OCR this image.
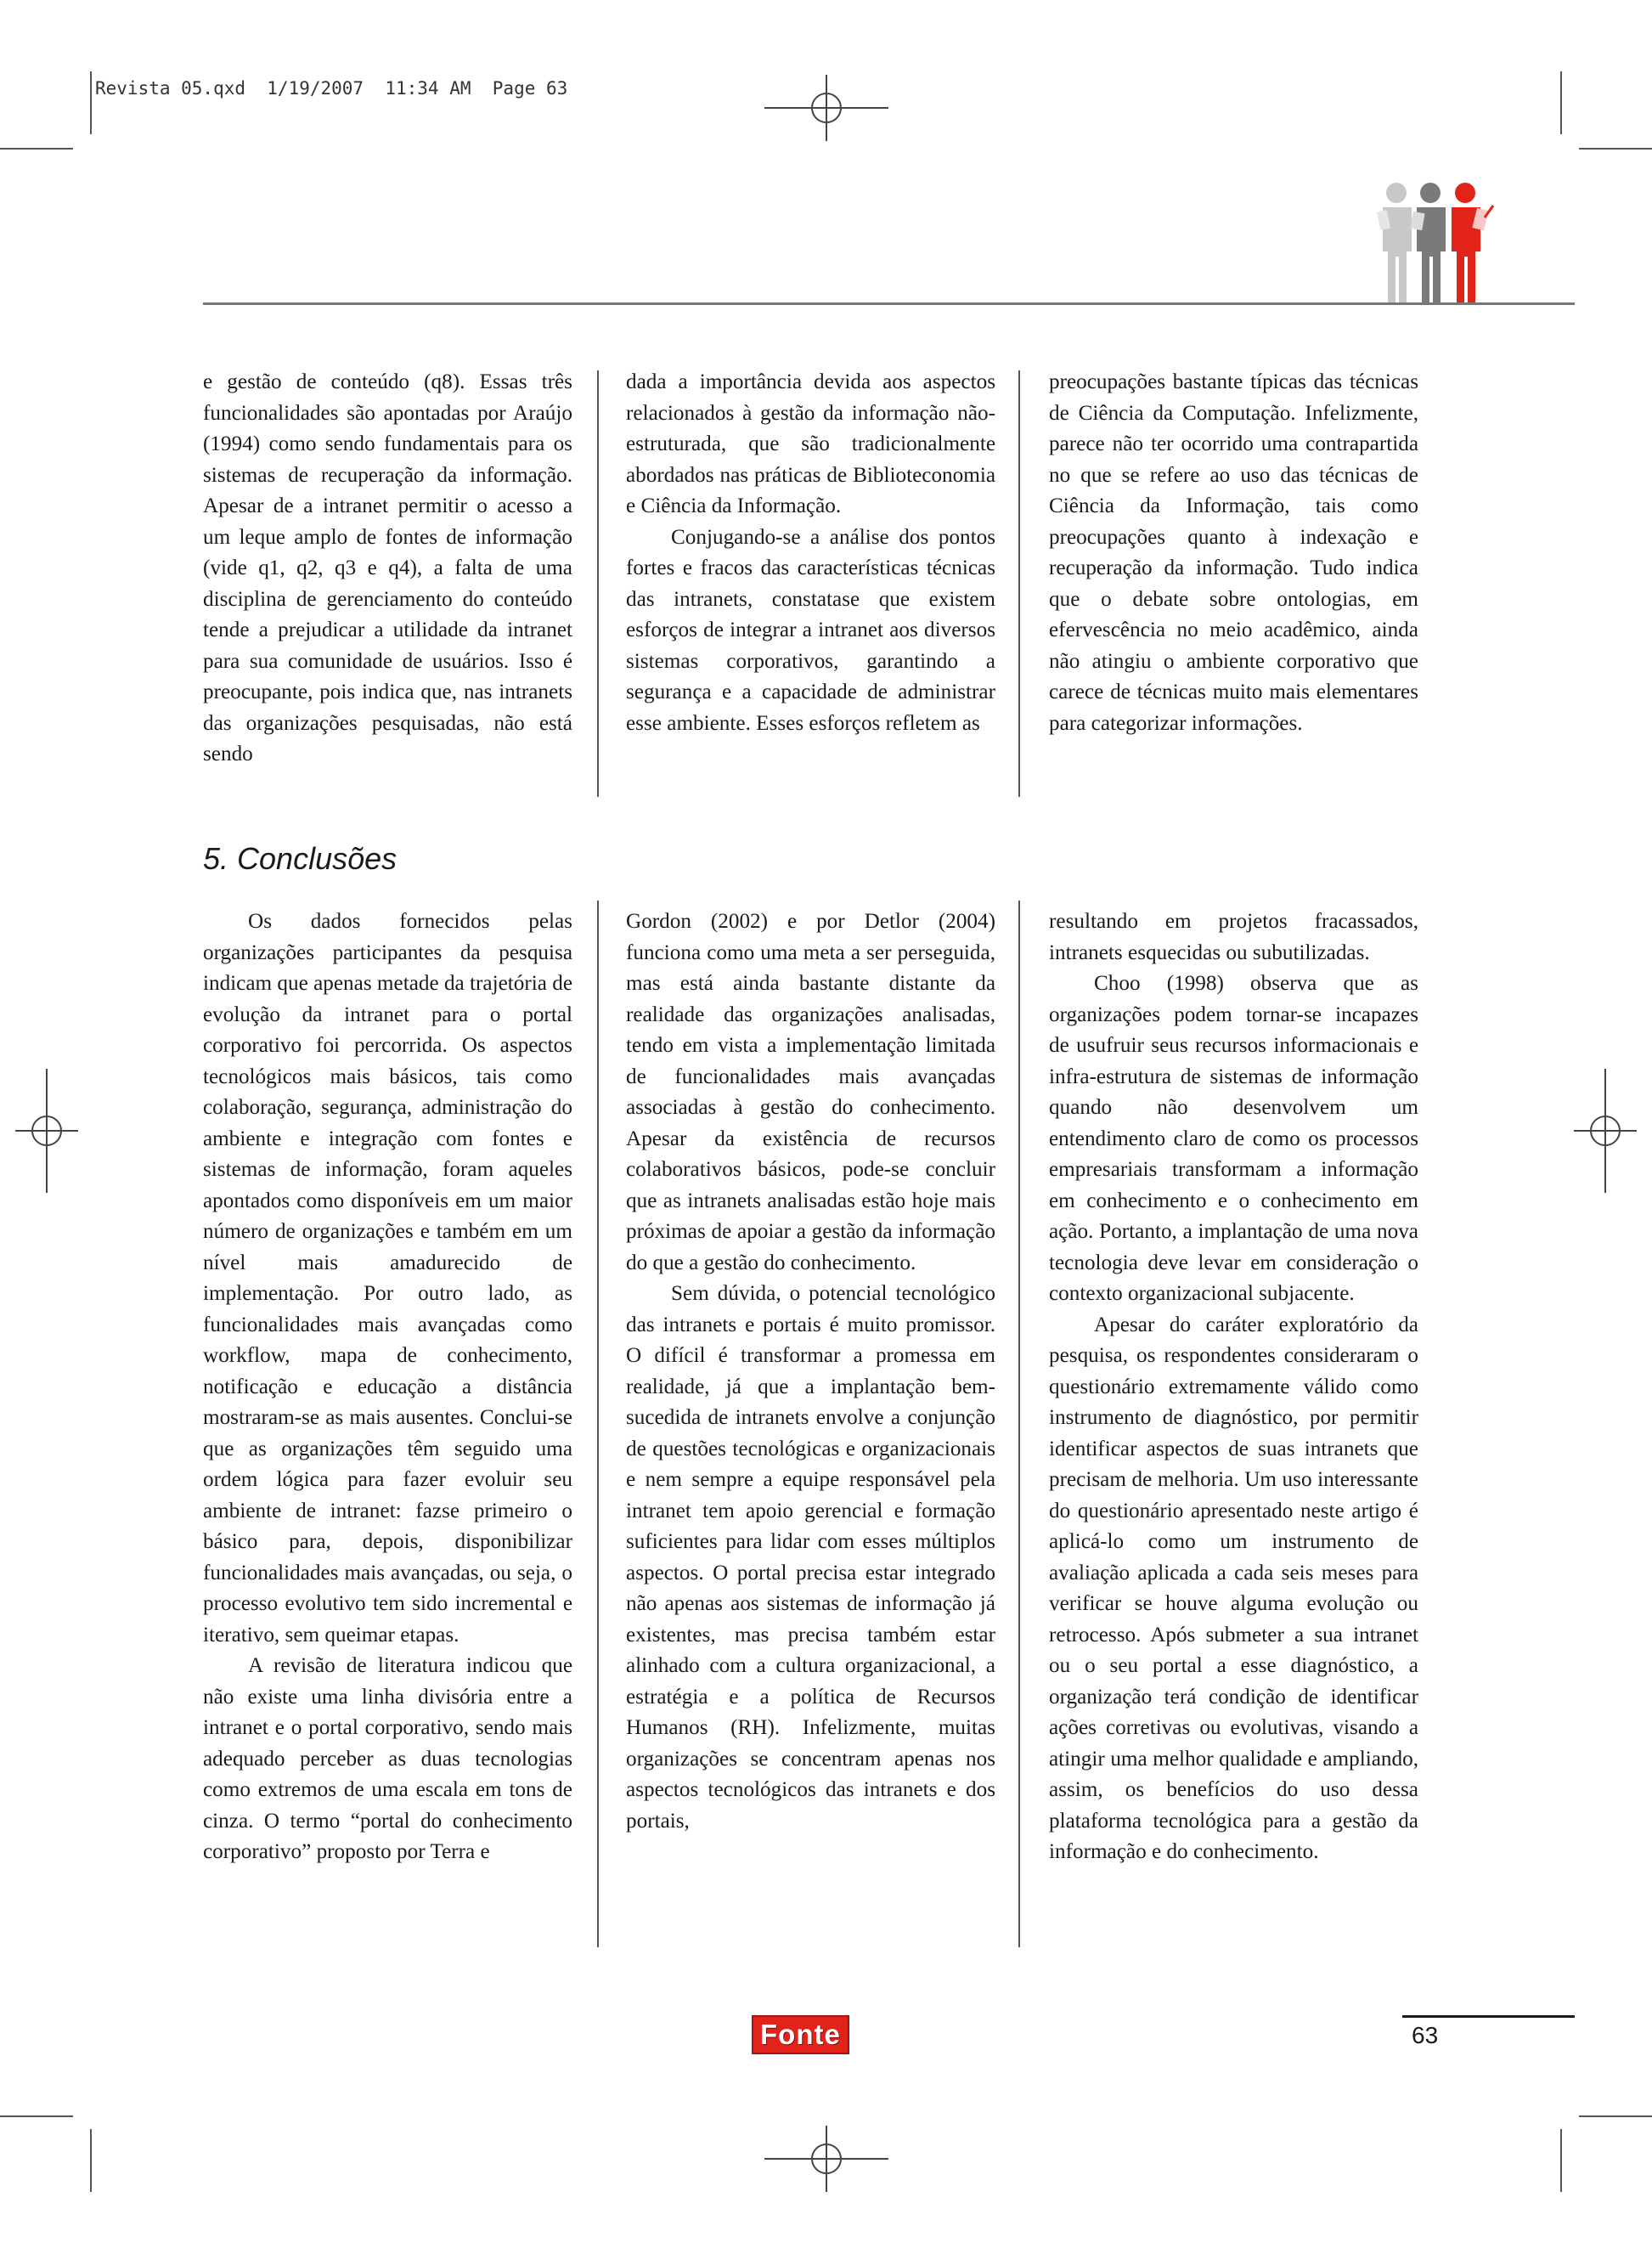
Revista 05.qxd  1/19/2007  11:34 AM  Page 63

e gestão de conteúdo (q8). Essas três funcionalidades são apontadas por Araújo (1994) como sendo fundamentais para os sistemas de recuperação da informação. Apesar de a intranet permitir o acesso a um leque amplo de fontes de informação (vide q1, q2, q3 e q4), a falta de uma disciplina de gerenciamento do conteúdo tende a prejudicar a utilidade da intranet para sua comunidade de usuários. Isso é preocupante, pois indica que, nas intranets das organizações pesquisadas, não está sendo

dada a importância devida aos aspectos relacionados à gestão da informação não-estruturada, que são tradicionalmente abordados nas práticas de Biblioteconomia e Ciência da Informação.

Conjugando-se a análise dos pontos fortes e fracos das características técnicas das intranets, constatase que existem esforços de integrar a intranet aos diversos sistemas corporativos, garantindo a segurança e a capacidade de administrar esse ambiente. Esses esforços refletem as

preocupações bastante típicas das técnicas de Ciência da Computação. Infelizmente, parece não ter ocorrido uma contrapartida no que se refere ao uso das técnicas de Ciência da Informação, tais como preocupações quanto à indexação e recuperação da informação. Tudo indica que o debate sobre ontologias, em efervescência no meio acadêmico, ainda não atingiu o ambiente corporativo que carece de técnicas muito mais elementares para categorizar informações.

5. Conclusões

Os dados fornecidos pelas organizações participantes da pesquisa indicam que apenas metade da trajetória de evolução da intranet para o portal corporativo foi percorrida. Os aspectos tecnológicos mais básicos, tais como colaboração, segurança, administração do ambiente e integração com fontes e sistemas de informação, foram aqueles apontados como disponíveis em um maior número de organizações e também em um nível mais amadurecido de implementação. Por outro lado, as funcionalidades mais avançadas como workflow, mapa de conhecimento, notificação e educação a distância mostraram-se as mais ausentes. Conclui-se que as organizações têm seguido uma ordem lógica para fazer evoluir seu ambiente de intranet: fazse primeiro o básico para, depois, disponibilizar funcionalidades mais avançadas, ou seja, o processo evolutivo tem sido incremental e iterativo, sem queimar etapas.

A revisão de literatura indicou que não existe uma linha divisória entre a intranet e o portal corporativo, sendo mais adequado perceber as duas tecnologias como extremos de uma escala em tons de cinza. O termo “portal do conhecimento corporativo” proposto por Terra e

Gordon (2002) e por Detlor (2004) funciona como uma meta a ser perseguida, mas está ainda bastante distante da realidade das organizações analisadas, tendo em vista a implementação limitada de funcionalidades mais avançadas associadas à gestão do conhecimento. Apesar da existência de recursos colaborativos básicos, pode-se concluir que as intranets analisadas estão hoje mais próximas de apoiar a gestão da informação do que a gestão do conhecimento.

Sem dúvida, o potencial tecnológico das intranets e portais é muito promissor. O difícil é transformar a promessa em realidade, já que a implantação bem-sucedida de intranets envolve a conjunção de questões tecnológicas e organizacionais e nem sempre a equipe responsável pela intranet tem apoio gerencial e formação suficientes para lidar com esses múltiplos aspectos. O portal precisa estar integrado não apenas aos sistemas de informação já existentes, mas precisa também estar alinhado com a cultura organizacional, a estratégia e a política de Recursos Humanos (RH). Infelizmente, muitas organizações se concentram apenas nos aspectos tecnológicos das intranets e dos portais,

resultando em projetos fracassados, intranets esquecidas ou subutilizadas.

Choo (1998) observa que as organizações podem tornar-se incapazes de usufruir seus recursos informacionais e infra-estrutura de sistemas de informação quando não desenvolvem um entendimento claro de como os processos empresariais transformam a informação em conhecimento e o conhecimento em ação. Portanto, a implantação de uma nova tecnologia deve levar em consideração o contexto organizacional subjacente.

Apesar do caráter exploratório da pesquisa, os respondentes consideraram o questionário extremamente válido como instrumento de diagnóstico, por permitir identificar aspectos de suas intranets que precisam de melhoria. Um uso interessante do questionário apresentado neste artigo é aplicá-lo como um instrumento de avaliação aplicada a cada seis meses para verificar se houve alguma evolução ou retrocesso. Após submeter a sua intranet ou o seu portal a esse diagnóstico, a organização terá condição de identificar ações corretivas ou evolutivas, visando a atingir uma melhor qualidade e ampliando, assim, os benefícios do uso dessa plataforma tecnológica para a gestão da informação e do conhecimento.

Fonte	63
